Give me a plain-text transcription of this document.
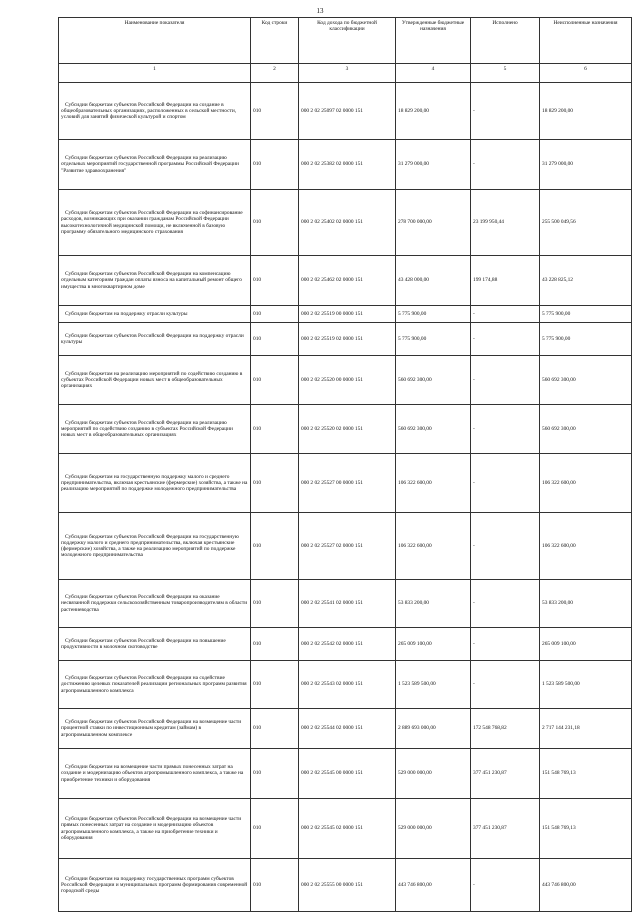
13
Наименование показателя	Код строки	Код дохода по бюджетной классификации	Утвержденные бюджетные назначения	Исполнено	Неисполненные назначения
1	2	3	4	5	6
Субсидии бюджетам субъектов Российской Федерации на создание в общеобразовательных организациях, расположенных в сельской местности, условий для занятий физической культурой и спортом	010	000 2 02 25097 02 0000 151	18 829 200,00	-	18 829 200,00
Субсидии бюджетам субъектов Российской Федерации на реализацию отдельных мероприятий государственной программы Российской Федерации "Развитие здравоохранения"	010	000 2 02 25382 02 0000 151	31 279 000,00	-	31 279 000,00
Субсидии бюджетам субъектов Российской Федерации на софинансирование расходов, возникающих при оказании гражданам Российской Федерации высокотехнологичной медицинской помощи, не включенной в базовую программу обязательного медицинского страхования	010	000 2 02 25402 02 0000 151	278 700 000,00	23 199 950,44	255 500 049,56
Субсидии бюджетам субъектов Российской Федерации на компенсацию отдельным категориям граждан оплаты взноса на капитальный ремонт общего имущества в многоквартирном доме	010	000 2 02 25462 02 0000 151	43 428 000,00	199 174,88	43 228 825,12
Субсидии бюджетам на поддержку отрасли культуры	010	000 2 02 25519 00 0000 151	5 775 900,00	-	5 775 900,00
Субсидии бюджетам субъектов Российской Федерации на поддержку отрасли культуры	010	000 2 02 25519 02 0000 151	5 775 900,00	-	5 775 900,00
Субсидии бюджетам на реализацию мероприятий по содействию созданию в субъектах Российской Федерации новых мест в общеобразовательных организациях	010	000 2 02 25520 00 0000 151	560 692 300,00	-	560 692 300,00
Субсидии бюджетам субъектов Российской Федерации на реализацию мероприятий по содействию созданию в субъектах Российской Федерации новых мест в общеобразовательных организациях	010	000 2 02 25520 02 0000 151	560 692 300,00	-	560 692 300,00
Субсидии бюджетам на государственную поддержку малого и среднего предпринимательства, включая крестьянские (фермерские) хозяйства, а также на реализацию мероприятий по поддержке молодежного предпринимательства	010	000 2 02 25527 00 0000 151	106 322 600,00	-	106 322 600,00
Субсидии бюджетам субъектов Российской Федерации на государственную поддержку малого и среднего предпринимательства, включая крестьянские (фермерские) хозяйства, а также на реализацию мероприятий по поддержке молодежного предпринимательства	010	000 2 02 25527 02 0000 151	106 322 600,00	-	106 322 600,00
Субсидии бюджетам субъектов Российской Федерации на оказание несвязанной поддержки сельскохозяйственным товаропроизводителям в области растениеводства	010	000 2 02 25541 02 0000 151	53 833 200,00	-	53 833 200,00
Субсидии бюджетам субъектов Российской Федерации на повышение продуктивности в молочном скотоводстве	010	000 2 02 25542 02 0000 151	265 009 100,00	-	265 009 100,00
Субсидии бюджетам субъектов Российской Федерации на содействие достижению целевых показателей реализации региональных программ развития агропромышленного комплекса	010	000 2 02 25543 02 0000 151	1 523 589 500,00	-	1 523 589 500,00
Субсидии бюджетам субъектов Российской Федерации на возмещение части процентной ставки по инвестиционным кредитам (займам) в агропромышленном комплексе	010	000 2 02 25544 02 0000 151	2 889 693 000,00	172 548 768,82	2 717 144 231,18
Субсидии бюджетам на возмещение части прямых понесенных затрат на создание и модернизацию объектов агропромышленного комплекса, а также на приобретение техники и оборудования	010	000 2 02 25545 00 0000 151	529 000 000,00	377 451 230,87	151 548 769,13
Субсидии бюджетам субъектов Российской Федерации на возмещение части прямых понесенных затрат на создание и модернизацию объектов агропромышленного комплекса, а также на приобретение техники и оборудования	010	000 2 02 25545 02 0000 151	529 000 000,00	377 451 230,87	151 548 769,13
Субсидии бюджетам на поддержку государственных программ субъектов Российской Федерации и муниципальных программ формирования современной городской среды	010	000 2 02 25555 00 0000 151	443 746 800,00	-	443 746 800,00
